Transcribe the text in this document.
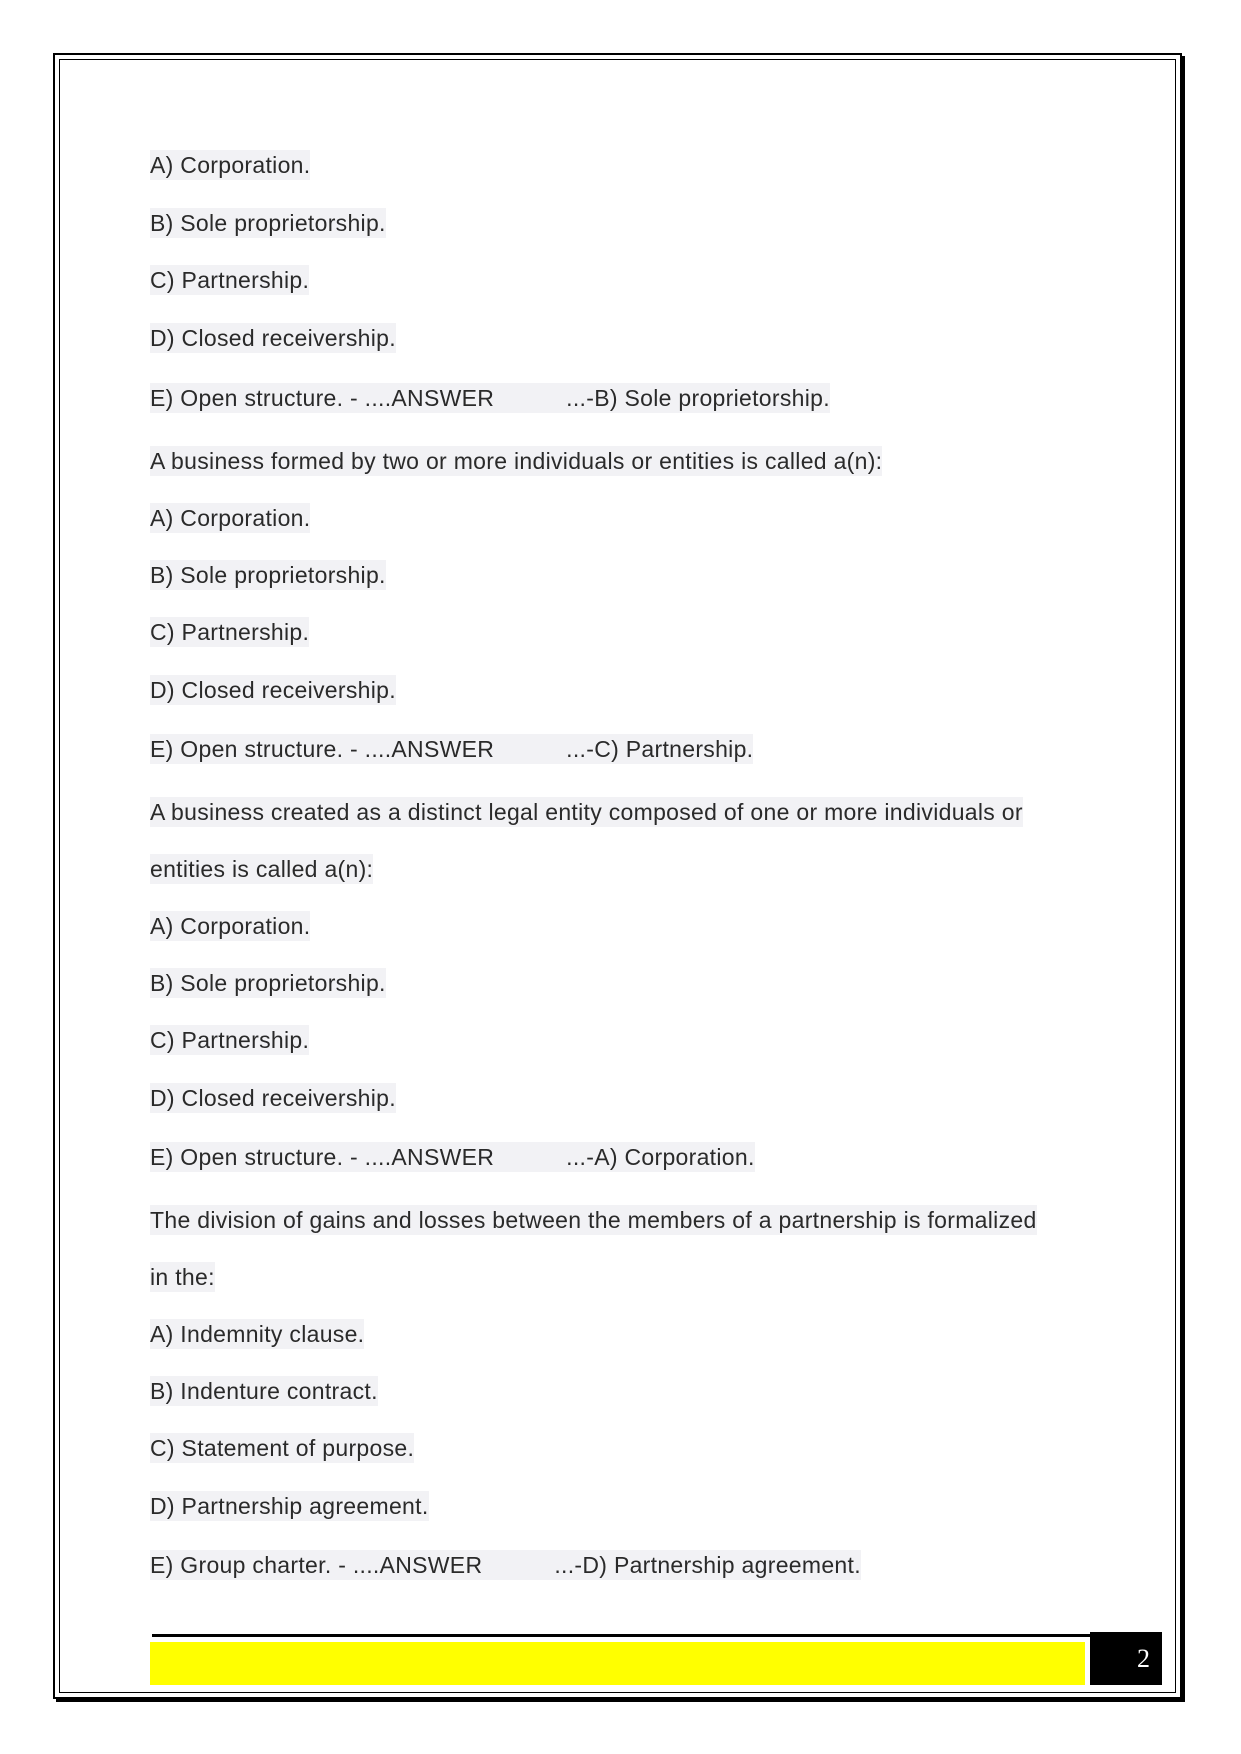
A) Corporation.
B) Sole proprietorship.
C) Partnership.
D) Closed receivership.
E) Open structure. - ....ANSWER	...-B) Sole proprietorship.
A business formed by two or more individuals or entities is called a(n):
A) Corporation.
B) Sole proprietorship.
C) Partnership.
D) Closed receivership.
E) Open structure. - ....ANSWER	...-C) Partnership.
A business created as a distinct legal entity composed of one or more individuals or
entities is called a(n):
A) Corporation.
B) Sole proprietorship.
C) Partnership.
D) Closed receivership.
E) Open structure. - ....ANSWER	...-A) Corporation.
The division of gains and losses between the members of a partnership is formalized
in the:
A) Indemnity clause.
B) Indenture contract.
C) Statement of purpose.
D) Partnership agreement.
E) Group charter. - ....ANSWER	...-D) Partnership agreement.
2
